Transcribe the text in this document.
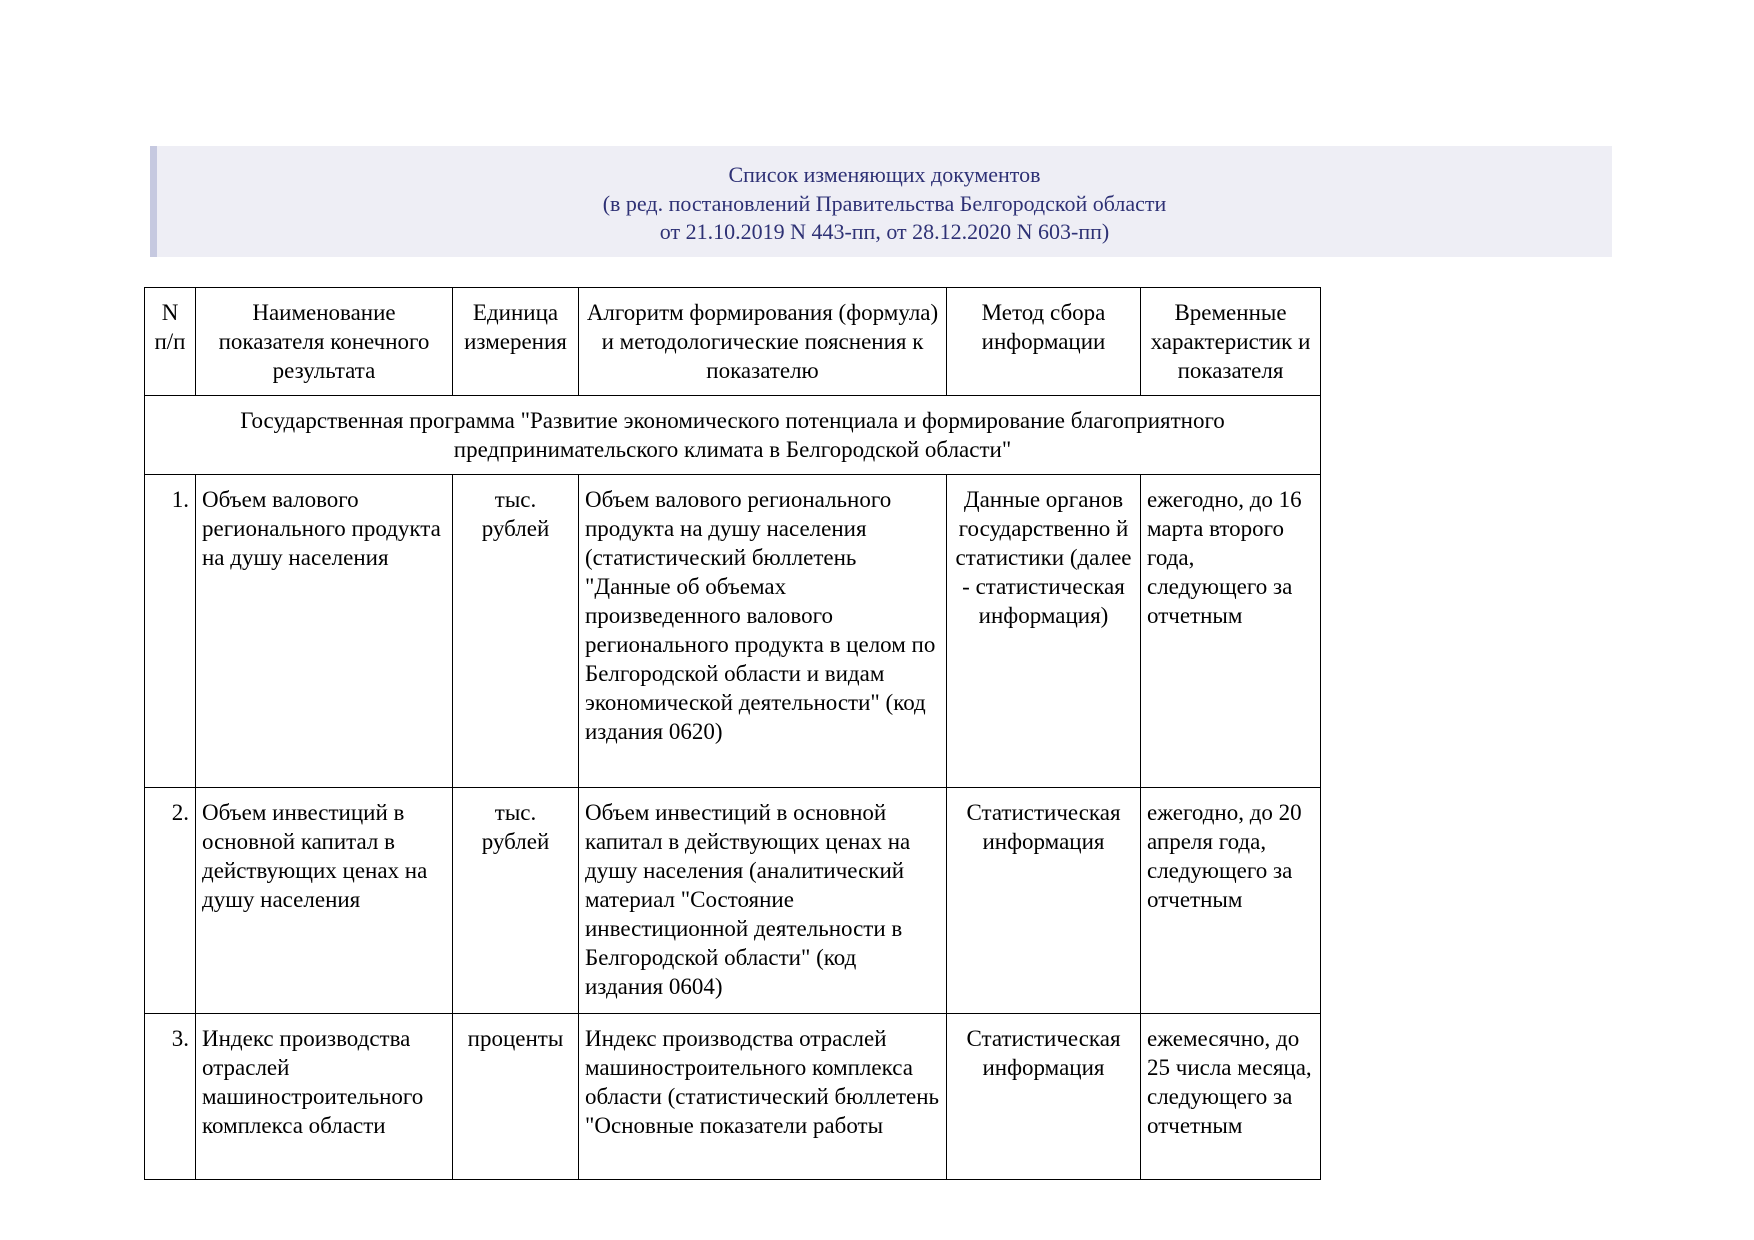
Список изменяющих документов
(в ред. постановлений Правительства Белгородской области
от 21.10.2019 N 443-пп, от 28.12.2020 N 603-пп)
N п/п	Наименование показателя конечного результата	Единица измерения	Алгоритм формирования (формула) и методологические пояснения к показателю	Метод сбора информации	Временные характеристик и показателя
Государственная программа "Развитие экономического потенциала и формирование благоприятного предпринимательского климата в Белгородской области"					
1.	Объем валового регионального продукта на душу населения	тыс. рублей	Объем валового регионального продукта на душу населения (статистический бюллетень "Данные об объемах произведенного валового регионального продукта в целом по Белгородской области и видам экономической деятельности" (код издания 0620)	Данные органов государственно й статистики (далее - статистическая информация)	ежегодно, до 16 марта второго года, следующего за отчетным
2.	Объем инвестиций в основной капитал в действующих ценах на душу населения	тыс. рублей	Объем инвестиций в основной капитал в действующих ценах на душу населения (аналитический материал "Состояние инвестиционной деятельности в Белгородской области" (код издания 0604)	Статистическая информация	ежегодно, до 20 апреля года, следующего за отчетным
3.	Индекс производства отраслей машиностроительного комплекса области	проценты	Индекс производства отраслей машиностроительного комплекса области (статистический бюллетень "Основные показатели работы	Статистическая информация	ежемесячно, до 25 числа месяца, следующего за отчетным
